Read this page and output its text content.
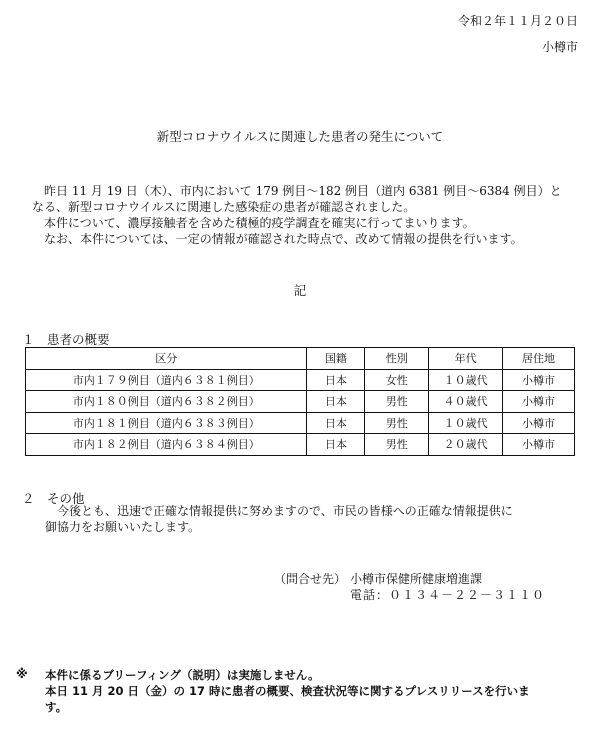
令和２年１１月２０日
小樽市
新型コロナウイルスに関連した患者の発生について
昨日 11 月 19 日（木）、市内において 179 例目～182 例目（道内 6381 例目～6384 例目）と
なる、新型コロナウイルスに関連した感染症の患者が確認されました。
本件について、濃厚接触者を含めた積極的疫学調査を確実に行ってまいります。
なお、本件については、一定の情報が確認された時点で、改めて情報の提供を行います。
記
１　患者の概要
区分	国籍	性別	年代	居住地
市内１７９例目（道内６３８１例目）	日本	女性	１０歳代	小樽市
市内１８０例目（道内６３８２例目）	日本	男性	４０歳代	小樽市
市内１８１例目（道内６３８３例目）	日本	男性	１０歳代	小樽市
市内１８２例目（道内６３８４例目）	日本	男性	２０歳代	小樽市
２　その他
今後とも、迅速で正確な情報提供に努めますので、市民の皆様への正確な情報提供に
御協力をお願いいたします。
（問合せ先） 小樽市保健所健康増進課
電話：０１３４－２２－３１１０
※ 本件に係るブリーフィング（説明）は実施しません。
本日 11 月 20 日（金）の 17 時に患者の概要、検査状況等に関するプレスリリースを行いま
す。
